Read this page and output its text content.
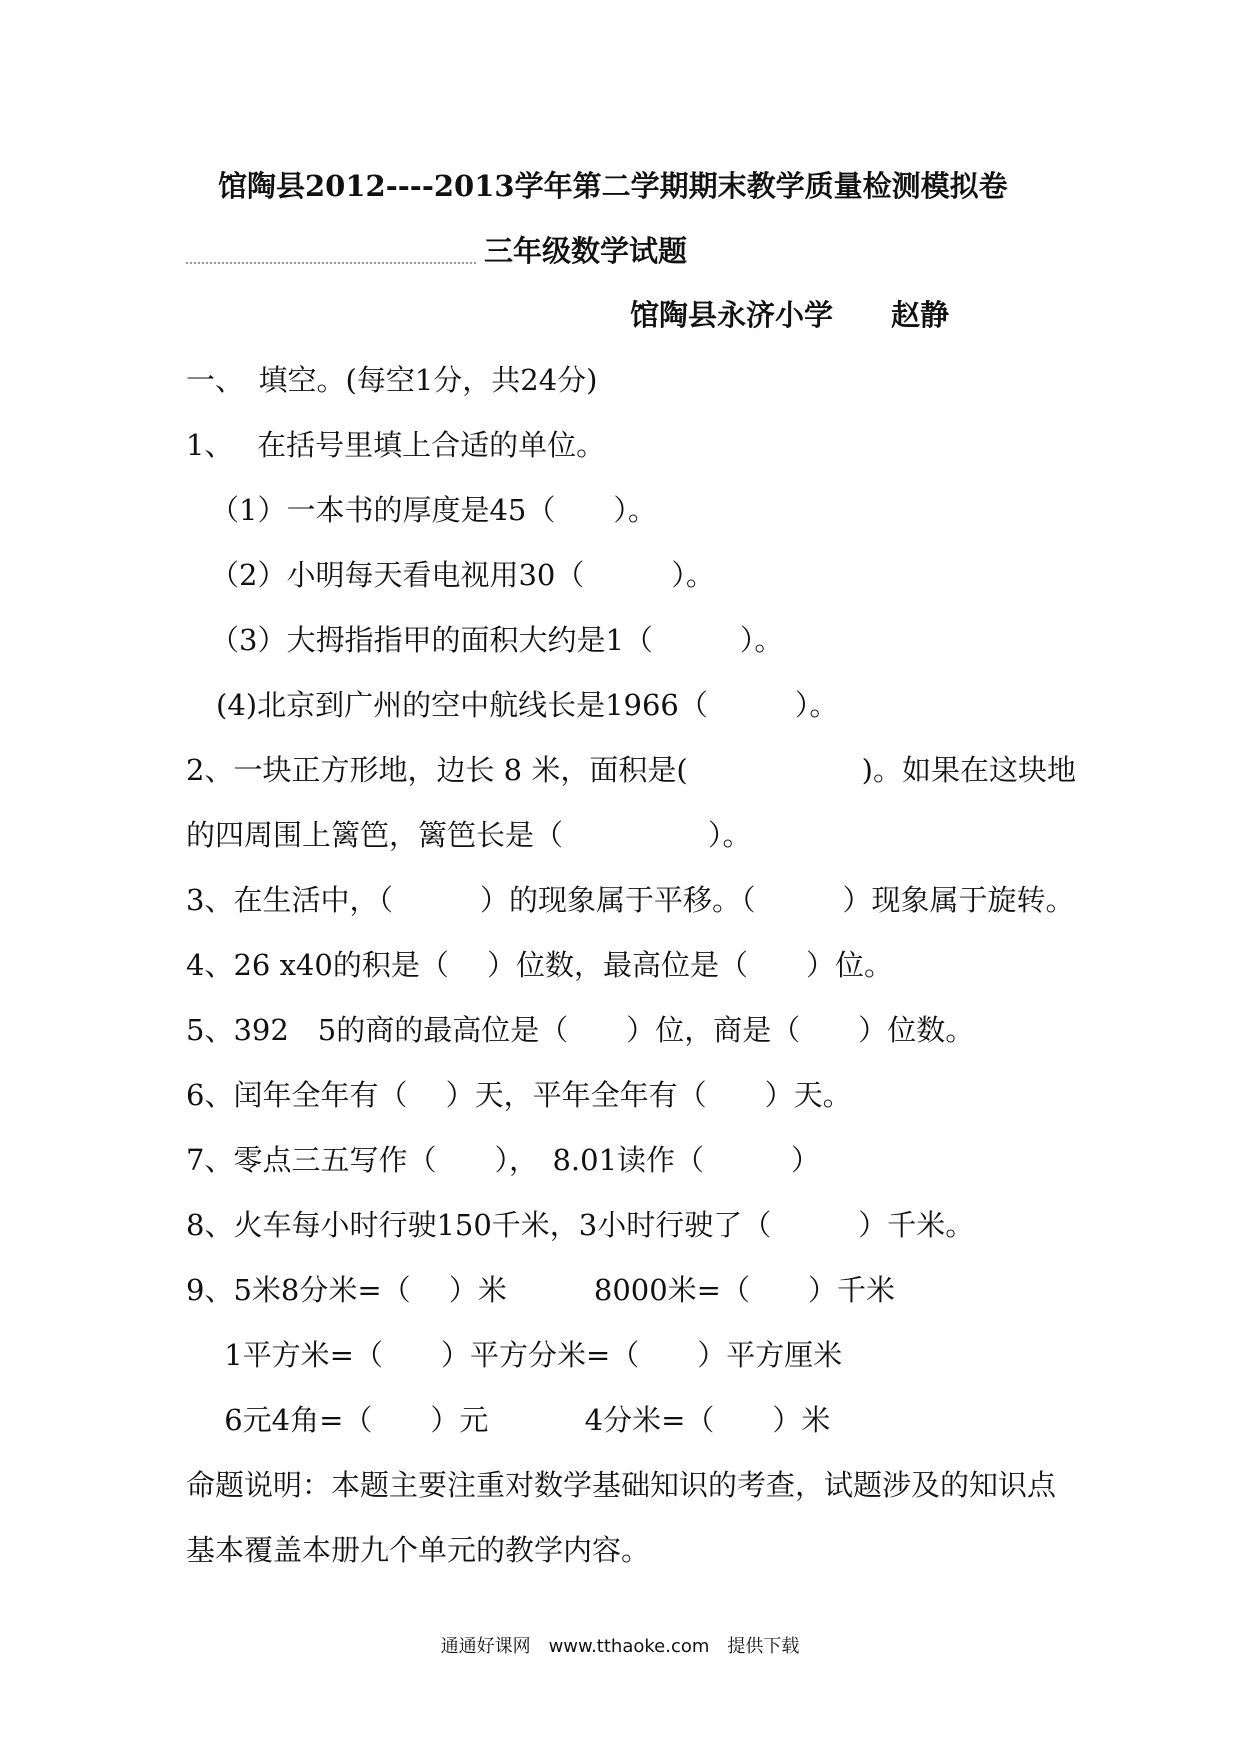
馆陶县2012----2013学年第二学期期末教学质量检测模拟卷
三年级数学试题
馆陶县永济小学　　赵静
一、　填空。(每空1分，共24分)
1、　 在括号里填上合适的单位。
（1）一本书的厚度是45（　　）。
（2）小明每天看电视用30（　　　）。
（3）大拇指指甲的面积大约是1（　　　）。
(4)北京到广州的空中航线长是1966（　　　）。
2、一块正方形地，边长 8 米，面积是(　　　　　　)。如果在这块地
的四周围上篱笆，篱笆长是（　　　　　）。
3、在生活中，（　　　）的现象属于平移。（　　　）现象属于旋转。
4、26 x40的积是（　 ）位数，最高位是（　　）位。
5、392　5的商的最高位是（　　）位，商是（　　）位数。
6、闰年全年有（　 ）天，平年全年有（　　）天。
7、零点三五写作（　　），　8.01读作（　　　）
8、火车每小时行驶150千米，3小时行驶了（　　　）千米。
9、5米8分米=（　 ）米　　　8000米=（　　）千米
　 1平方米=（　　）平方分米=（　　）平方厘米
　 6元4角=（　　）元　　　 4分米=（　　）米
命题说明：本题主要注重对数学基础知识的考查，试题涉及的知识点
基本覆盖本册九个单元的教学内容。
通通好课网　www.tthaoke.com　提供下载
